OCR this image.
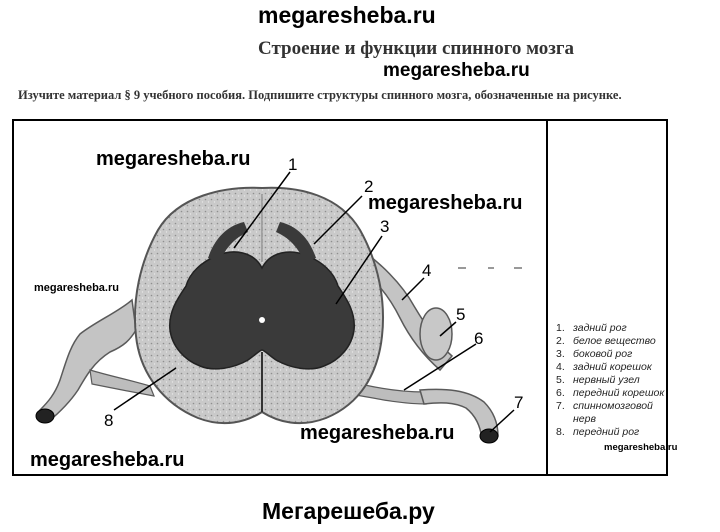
megaresheba.ru
Строение и функции спинного мозга
megaresheba.ru
Изучите материал § 9 учебного пособия. Подпишите структуры спинного мозга, обозначенные на рисунке.
1
2
3
4
5
6
7
8
megaresheba.ru
megaresheba.ru
megaresheba.ru
megaresheba.ru
megaresheba.ru
1. задний рог
2. белое вещество
3. боковой рог
4. задний корешок
5. нервный узел
6. передний корешок
7. спинномозговой нерв
8. передний рог
megaresheba.ru
Мегарешеба.ру
